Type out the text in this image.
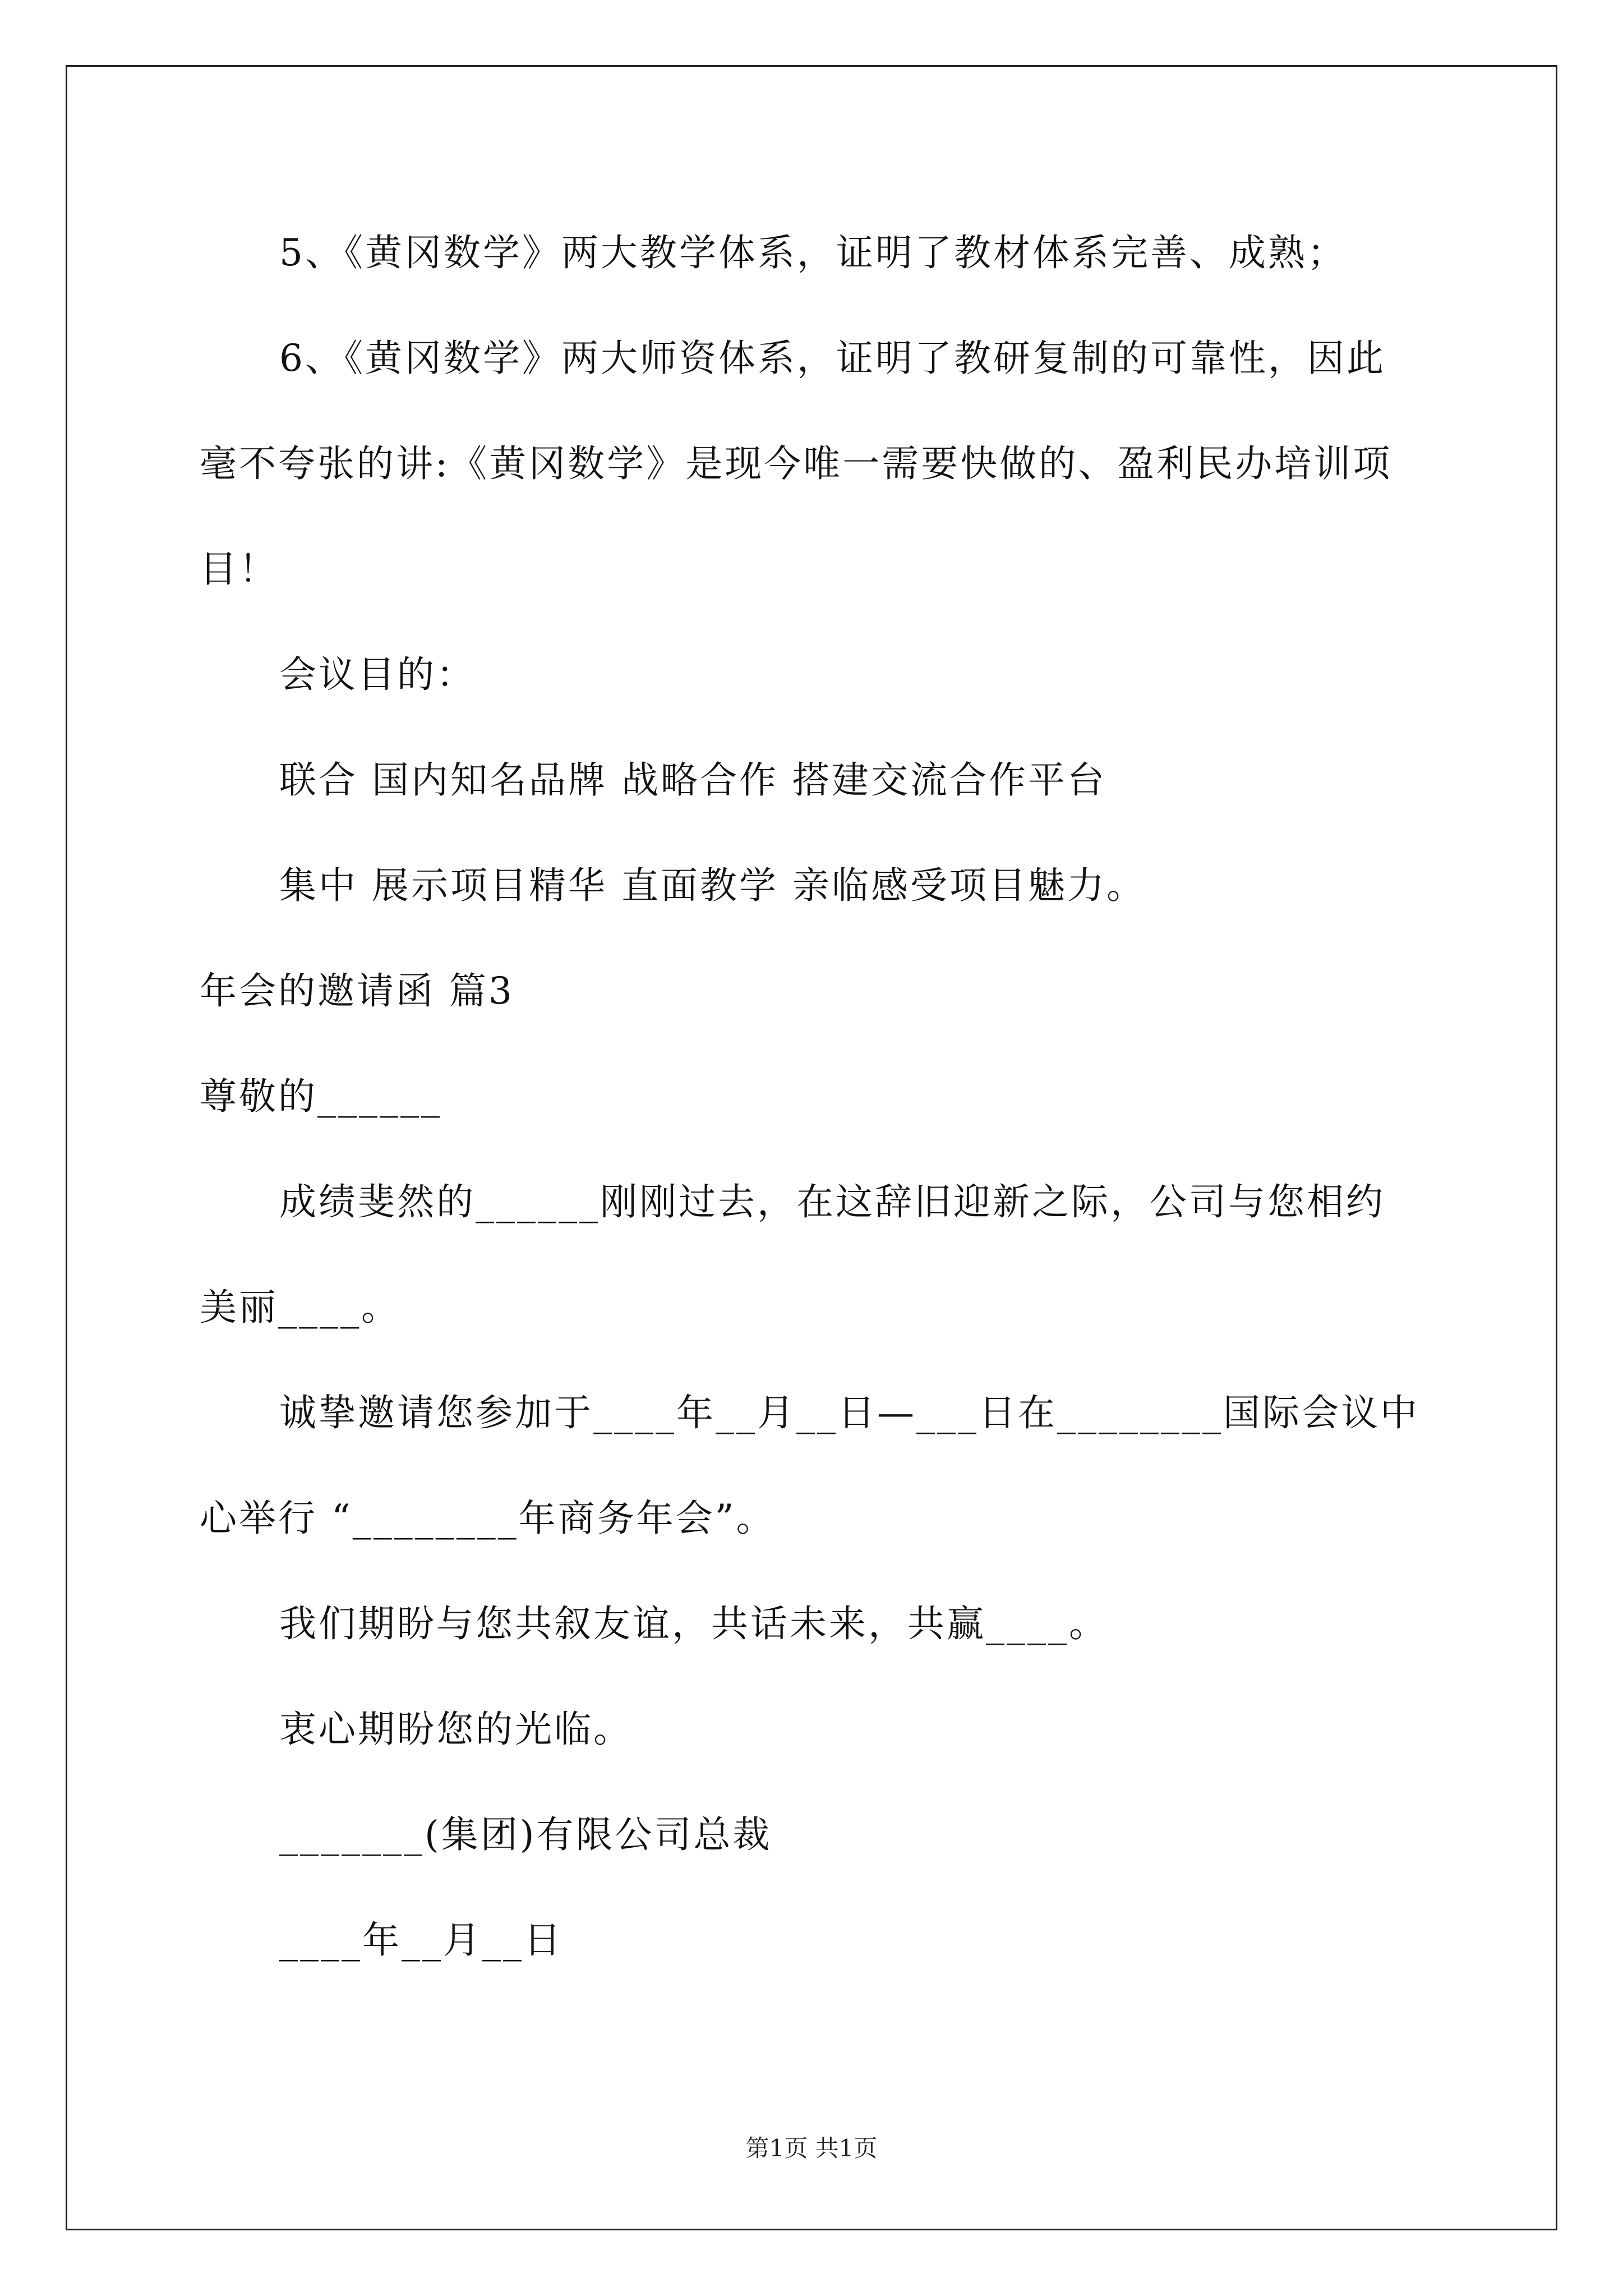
5、《黄冈数学》两大教学体系，证明了教材体系完善、成熟；
6、《黄冈数学》两大师资体系，证明了教研复制的可靠性，因此
毫不夸张的讲:《黄冈数学》是现今唯一需要快做的、盈利民办培训项
目！
会议目的：
联合 国内知名品牌 战略合作 搭建交流合作平台
集中 展示项目精华 直面教学 亲临感受项目魅力。
年会的邀请函 篇3
尊敬的______
成绩斐然的______刚刚过去，在这辞旧迎新之际，公司与您相约
美丽____。
诚挚邀请您参加于____年__月__日—___日在________国际会议中
心举行 “________年商务年会”。
我们期盼与您共叙友谊，共话未来，共赢____。
衷心期盼您的光临。
_______(集团)有限公司总裁
____年__月__日
第1页 共1页
